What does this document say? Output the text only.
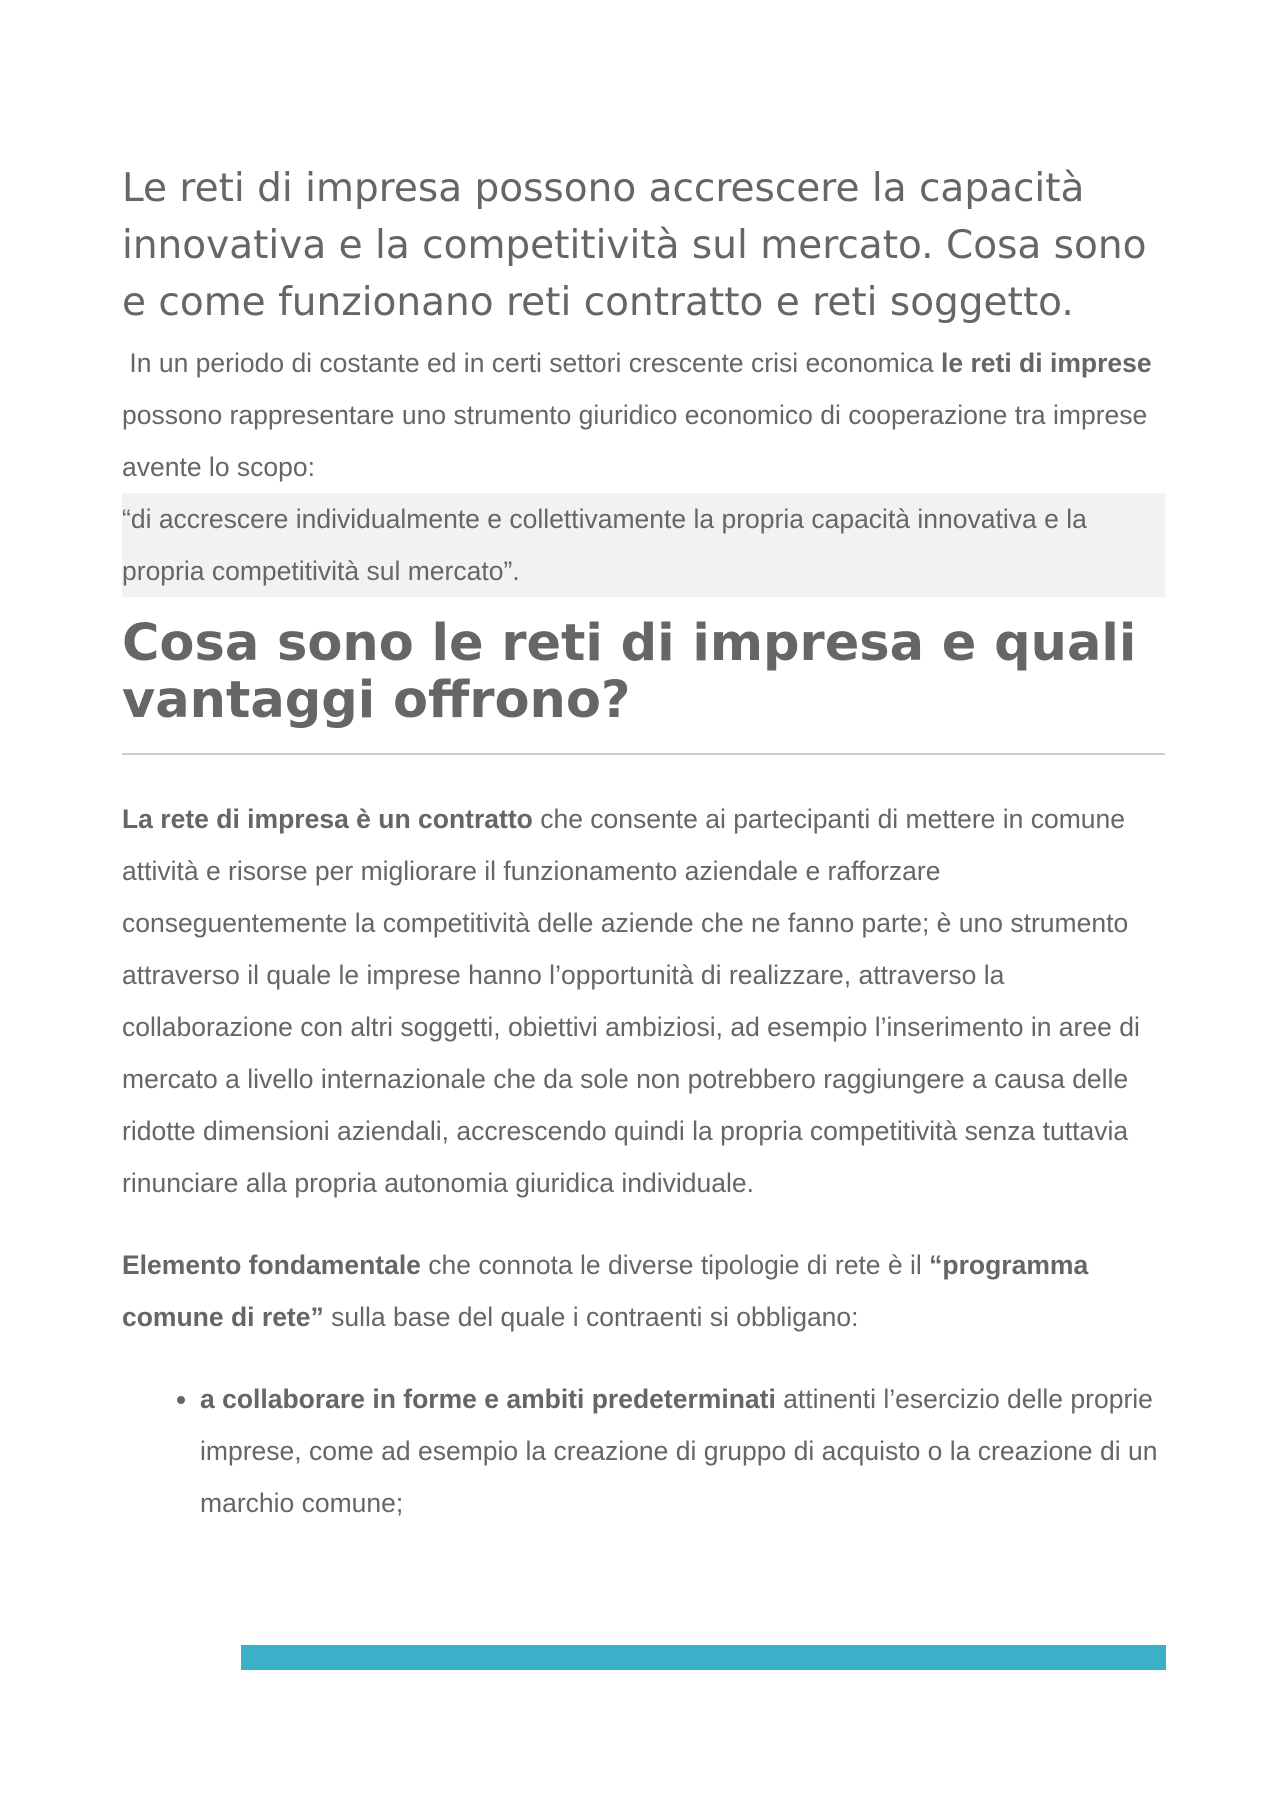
Le reti di impresa possono accrescere la capacità innovativa e la competitività sul mercato. Cosa sono e come funzionano reti contratto e reti soggetto.

In un periodo di costante ed in certi settori crescente crisi economica le reti di imprese possono rappresentare uno strumento giuridico economico di cooperazione tra imprese avente lo scopo:

“di accrescere individualmente e collettivamente la propria capacità innovativa e la propria competitività sul mercato”.

Cosa sono le reti di impresa e quali vantaggi offrono?

La rete di impresa è un contratto che consente ai partecipanti di mettere in comune attività e risorse per migliorare il funzionamento aziendale e rafforzare conseguentemente la competitività delle aziende che ne fanno parte; è uno strumento attraverso il quale le imprese hanno l’opportunità di realizzare, attraverso la collaborazione con altri soggetti, obiettivi ambiziosi, ad esempio l’inserimento in aree di mercato a livello internazionale che da sole non potrebbero raggiungere a causa delle ridotte dimensioni aziendali, accrescendo quindi la propria competitività senza tuttavia rinunciare alla propria autonomia giuridica individuale.

Elemento fondamentale che connota le diverse tipologie di rete è il “programma comune di rete” sulla base del quale i contraenti si obbligano:

• a collaborare in forme e ambiti predeterminati attinenti l’esercizio delle proprie imprese, come ad esempio la creazione di gruppo di acquisto o la creazione di un marchio comune;
